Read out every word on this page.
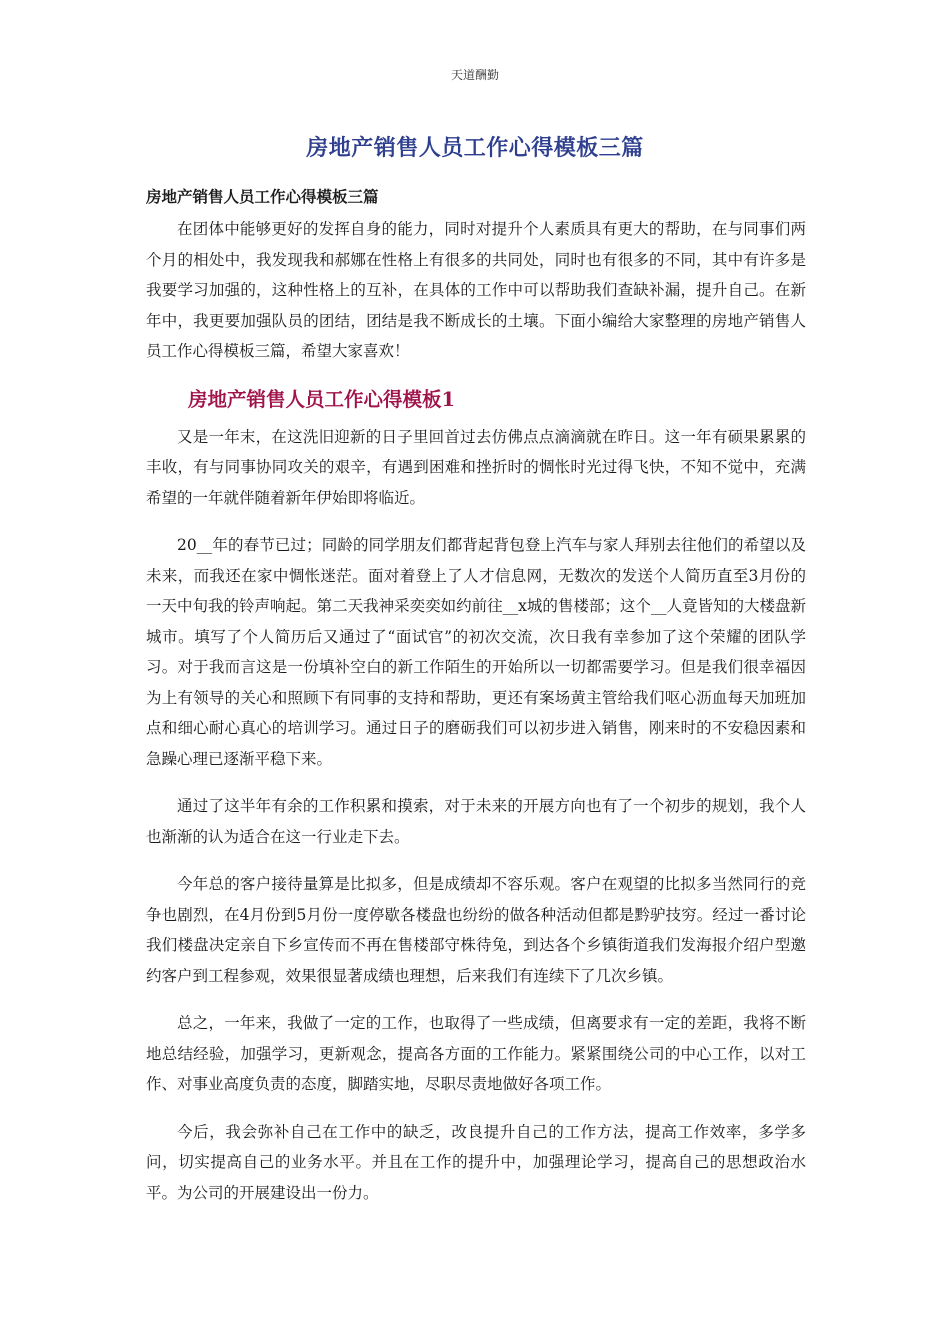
天道酬勤
房地产销售人员工作心得模板三篇
房地产销售人员工作心得模板三篇

在团体中能够更好的发挥自身的能力，同时对提升个人素质具有更大的帮助，在与同事们两个月的相处中，我发现我和郝娜在性格上有很多的共同处，同时也有很多的不同，其中有许多是我要学习加强的，这种性格上的互补，在具体的工作中可以帮助我们查缺补漏，提升自己。在新年中，我更要加强队员的团结，团结是我不断成长的土壤。下面小编给大家整理的房地产销售人员工作心得模板三篇，希望大家喜欢！

房地产销售人员工作心得模板1

又是一年末，在这洗旧迎新的日子里回首过去仿佛点点滴滴就在昨日。这一年有硕果累累的丰收，有与同事协同攻关的艰辛，有遇到困难和挫折时的惆怅时光过得飞快，不知不觉中，充满希望的一年就伴随着新年伊始即将临近。

20__年的春节已过；同龄的同学朋友们都背起背包登上汽车与家人拜别去往他们的希望以及未来，而我还在家中惆怅迷茫。面对着登上了人才信息网，无数次的发送个人简历直至3月份的一天中旬我的铃声响起。第二天我神采奕奕如约前往__x城的售楼部；这个__人竟皆知的大楼盘新城市。填写了个人简历后又通过了“面试官”的初次交流，次日我有幸参加了这个荣耀的团队学习。对于我而言这是一份填补空白的新工作陌生的开始所以一切都需要学习。但是我们很幸福因为上有领导的关心和照顾下有同事的支持和帮助，更还有案场黄主管给我们呕心沥血每天加班加点和细心耐心真心的培训学习。通过日子的磨砺我们可以初步进入销售，刚来时的不安稳因素和急躁心理已逐渐平稳下来。

通过了这半年有余的工作积累和摸索，对于未来的开展方向也有了一个初步的规划，我个人也渐渐的认为适合在这一行业走下去。

今年总的客户接待量算是比拟多，但是成绩却不容乐观。客户在观望的比拟多当然同行的竞争也剧烈，在4月份到5月份一度停歇各楼盘也纷纷的做各种活动但都是黔驴技穷。经过一番讨论我们楼盘决定亲自下乡宣传而不再在售楼部守株待兔，到达各个乡镇街道我们发海报介绍户型邀约客户到工程参观，效果很显著成绩也理想，后来我们有连续下了几次乡镇。

总之，一年来，我做了一定的工作，也取得了一些成绩，但离要求有一定的差距，我将不断地总结经验，加强学习，更新观念，提高各方面的工作能力。紧紧围绕公司的中心工作，以对工作、对事业高度负责的态度，脚踏实地，尽职尽责地做好各项工作。

今后，我会弥补自己在工作中的缺乏，改良提升自己的工作方法，提高工作效率，多学多问，切实提高自己的业务水平。并且在工作的提升中，加强理论学习，提高自己的思想政治水平。为公司的开展建设出一份力。
